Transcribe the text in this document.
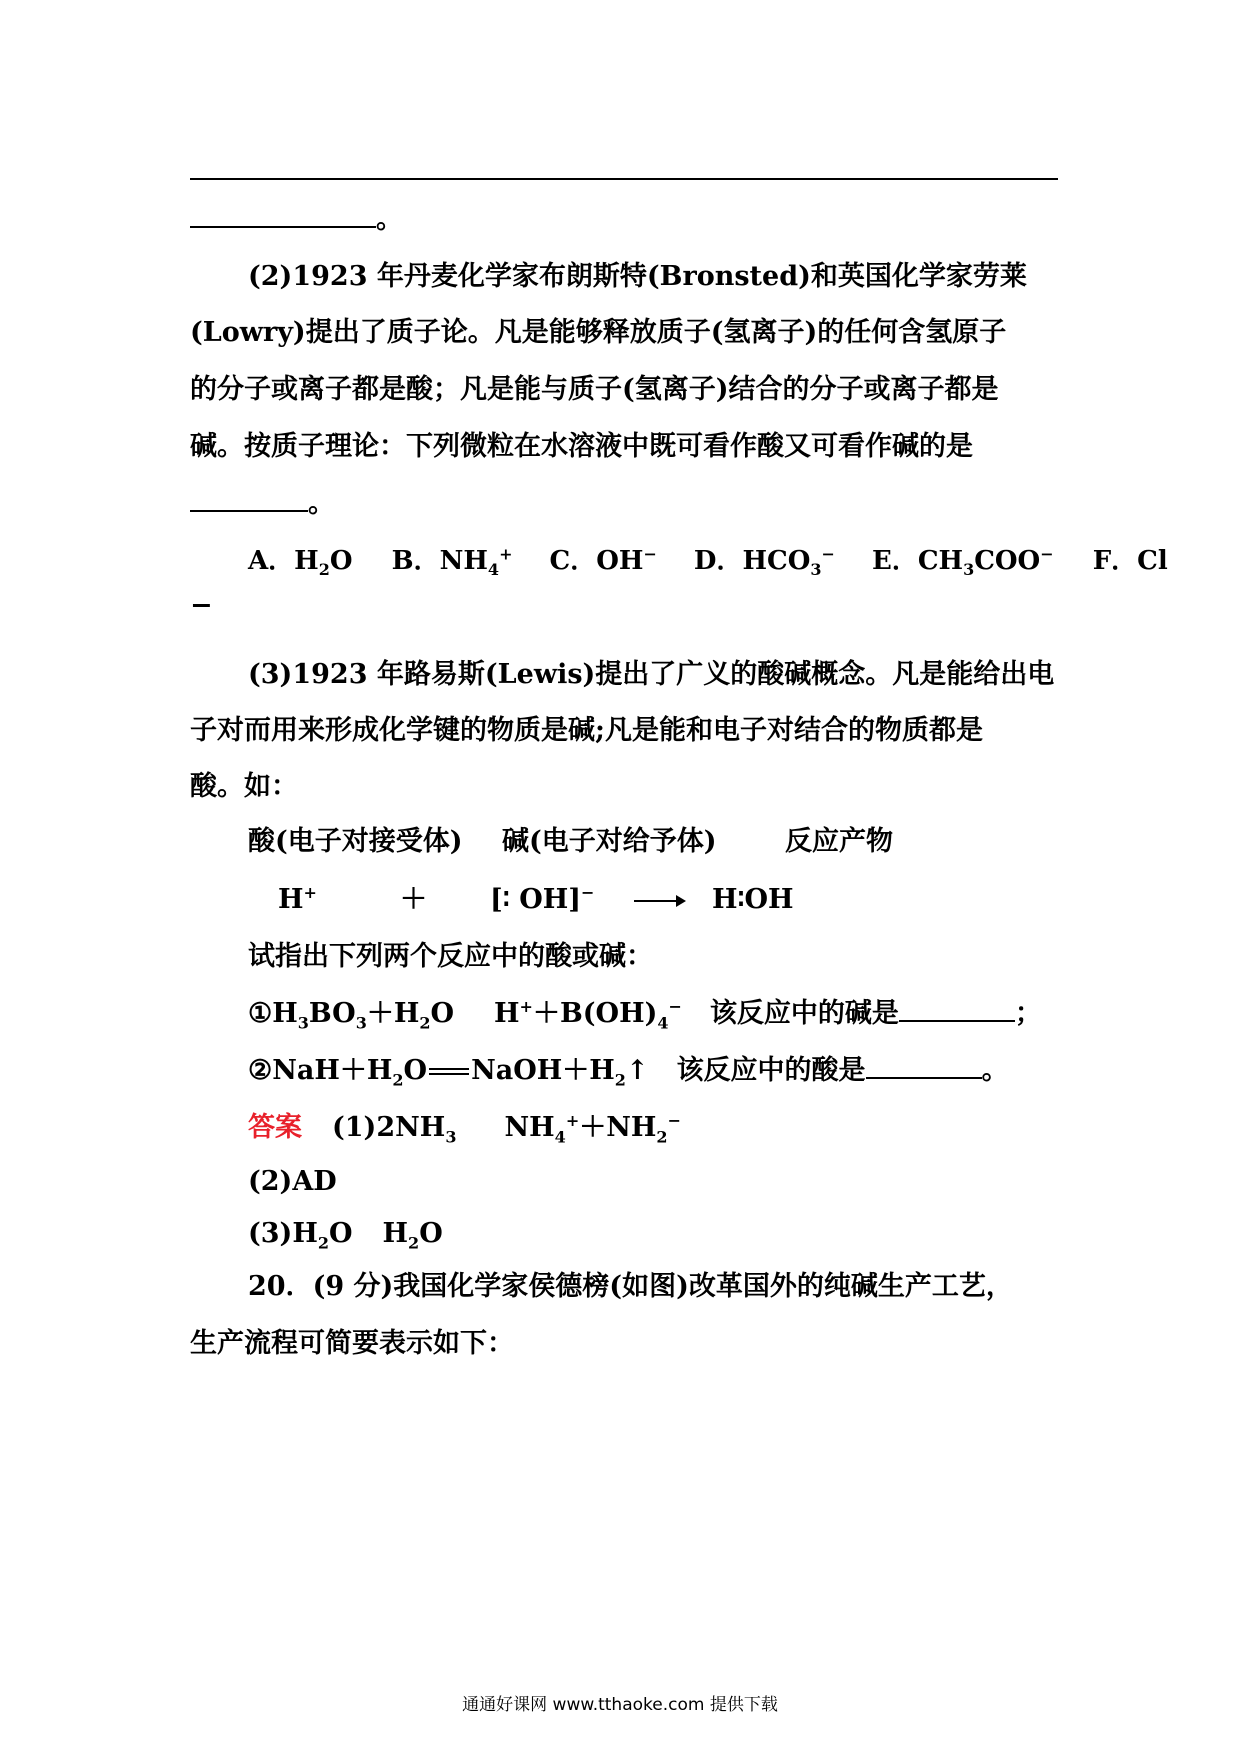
。
(2)1923 年丹麦化学家布朗斯特(Bronsted)和英国化学家劳莱
(Lowry)提出了质子论。凡是能够释放质子(氢离子)的任何含氢原子
的分子或离子都是酸；凡是能与质子(氢离子)结合的分子或离子都是
碱。按质子理论：下列微粒在水溶液中既可看作酸又可看作碱的是
。
A．$H_2O$ B．$NH_4^+$ C．OH− D．$HCO_3^-$ E．$CH_3COO^-$ F．Cl
−
(3)1923 年路易斯(Lewis)提出了广义的酸碱概念。凡是能给出电
子对而用来形成化学键的物质是碱;凡是能和电子对结合的物质都是
酸。如：
酸(电子对接受体) 碱(电子对给予体)	反应产物
H+	＋ [∶ OH]−	H∶OH
试指出下列两个反应中的酸或碱：
$①H_3BO_3+H_2O$ $H^++B(OH)_4^-$ 该反应中的碱是	；
$②NaH+H_2O$ $NaOH+H_2↑$ 该反应中的酸是	。
答案 $(1)2NH_3$ $NH_4^++NH_2^-$
(2)AD
$(3)H_2O$ $H_2O$
20．(9 分)我国化学家侯德榜(如图)改革国外的纯碱生产工艺，
生产流程可简要表示如下：
通通好课网 www.tthaoke.com 提供下载
